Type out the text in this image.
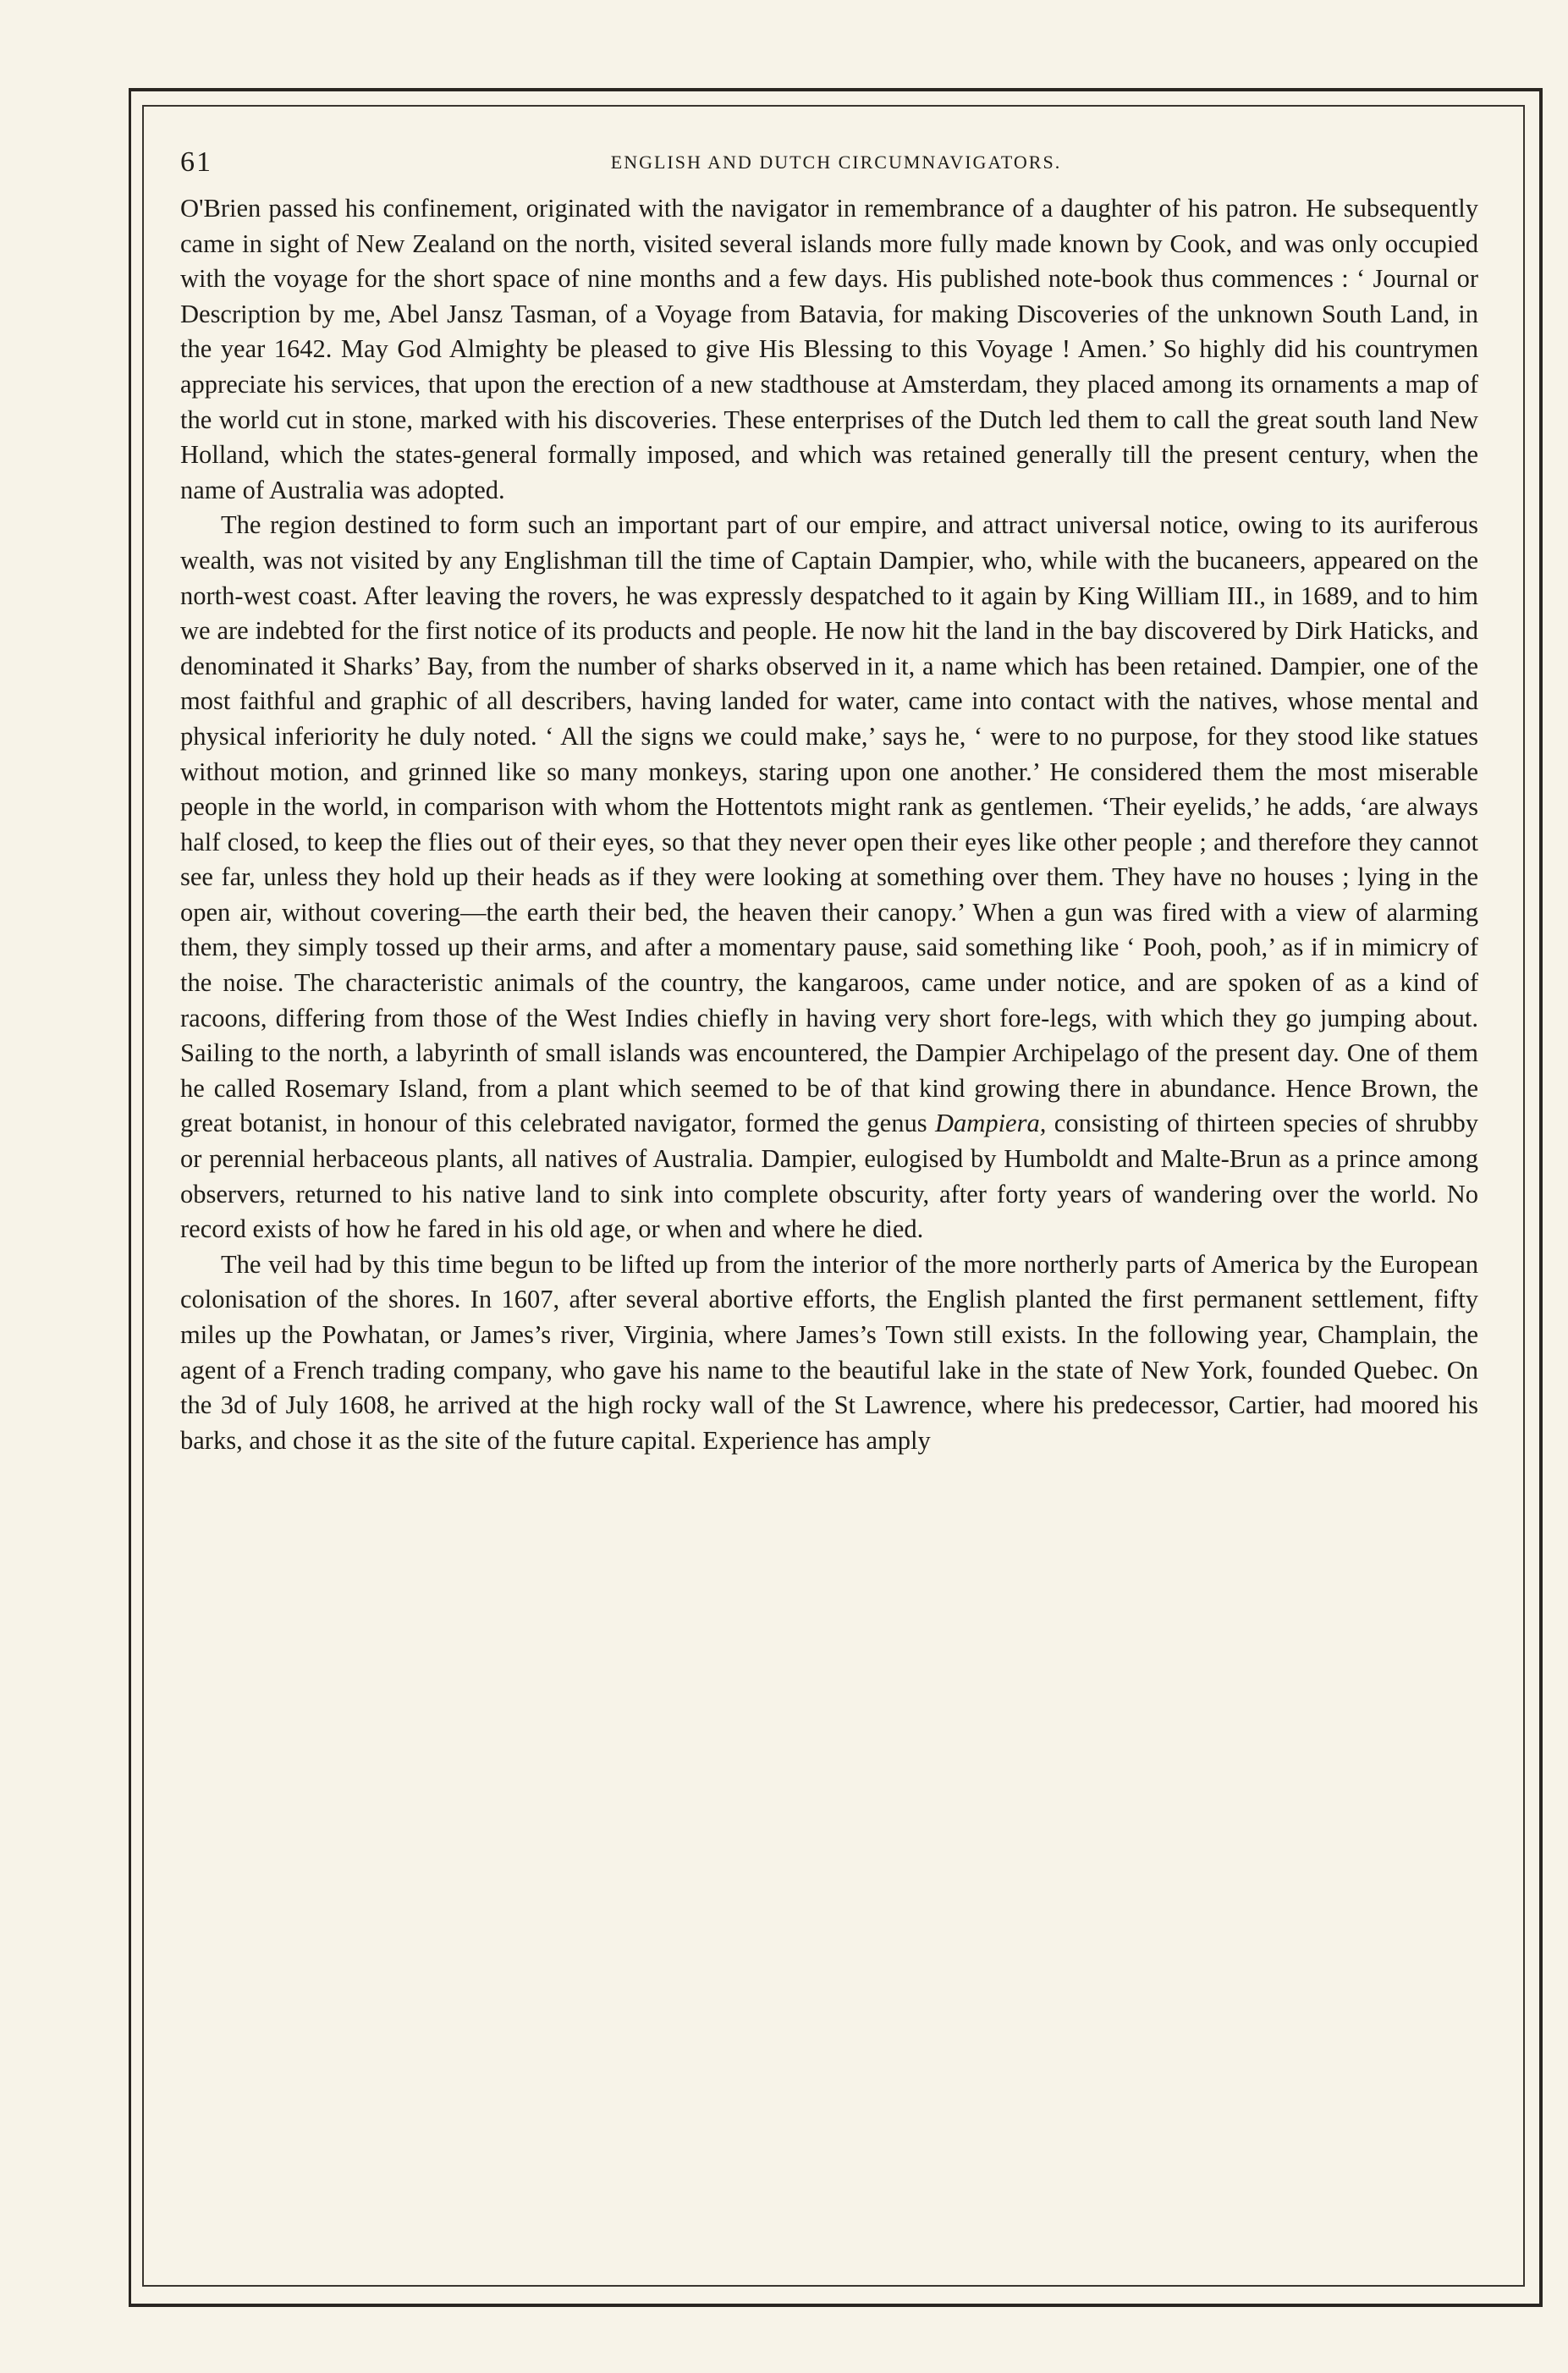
61	ENGLISH AND DUTCH CIRCUMNAVIGATORS.

O'Brien passed his confinement, originated with the navigator in remembrance of a daughter of his patron. He subsequently came in sight of New Zealand on the north, visited several islands more fully made known by Cook, and was only occupied with the voyage for the short space of nine months and a few days. His published note-book thus commences : ‘ Journal or Description by me, Abel Jansz Tasman, of a Voyage from Batavia, for making Discoveries of the unknown South Land, in the year 1642. May God Almighty be pleased to give His Blessing to this Voyage ! Amen.’ So highly did his countrymen appreciate his services, that upon the erection of a new stadthouse at Amsterdam, they placed among its ornaments a map of the world cut in stone, marked with his discoveries. These enterprises of the Dutch led them to call the great south land New Holland, which the states-general formally imposed, and which was retained generally till the present century, when the name of Australia was adopted.

The region destined to form such an important part of our empire, and attract universal notice, owing to its auriferous wealth, was not visited by any Englishman till the time of Captain Dampier, who, while with the bucaneers, appeared on the north-west coast. After leaving the rovers, he was expressly despatched to it again by King William III., in 1689, and to him we are indebted for the first notice of its products and people. He now hit the land in the bay discovered by Dirk Haticks, and denominated it Sharks’ Bay, from the number of sharks observed in it, a name which has been retained. Dampier, one of the most faithful and graphic of all describers, having landed for water, came into contact with the natives, whose mental and physical inferiority he duly noted. ‘ All the signs we could make,’ says he, ‘ were to no purpose, for they stood like statues without motion, and grinned like so many monkeys, staring upon one another.’ He considered them the most miserable people in the world, in comparison with whom the Hottentots might rank as gentlemen. ‘Their eyelids,’ he adds, ‘are always half closed, to keep the flies out of their eyes, so that they never open their eyes like other people ; and therefore they cannot see far, unless they hold up their heads as if they were looking at something over them. They have no houses ; lying in the open air, without covering—the earth their bed, the heaven their canopy.’ When a gun was fired with a view of alarming them, they simply tossed up their arms, and after a momentary pause, said something like ‘ Pooh, pooh,’ as if in mimicry of the noise. The characteristic animals of the country, the kangaroos, came under notice, and are spoken of as a kind of racoons, differing from those of the West Indies chiefly in having very short fore-legs, with which they go jumping about. Sailing to the north, a labyrinth of small islands was encountered, the Dampier Archipelago of the present day. One of them he called Rosemary Island, from a plant which seemed to be of that kind growing there in abundance. Hence Brown, the great botanist, in honour of this celebrated navigator, formed the genus Dampiera, consisting of thirteen species of shrubby or perennial herbaceous plants, all natives of Australia. Dampier, eulogised by Humboldt and Malte-Brun as a prince among observers, returned to his native land to sink into complete obscurity, after forty years of wandering over the world. No record exists of how he fared in his old age, or when and where he died.

The veil had by this time begun to be lifted up from the interior of the more northerly parts of America by the European colonisation of the shores. In 1607, after several abortive efforts, the English planted the first permanent settlement, fifty miles up the Powhatan, or James’s river, Virginia, where James’s Town still exists. In the following year, Champlain, the agent of a French trading company, who gave his name to the beautiful lake in the state of New York, founded Quebec. On the 3d of July 1608, he arrived at the high rocky wall of the St Lawrence, where his predecessor, Cartier, had moored his barks, and chose it as the site of the future capital. Experience has amply
